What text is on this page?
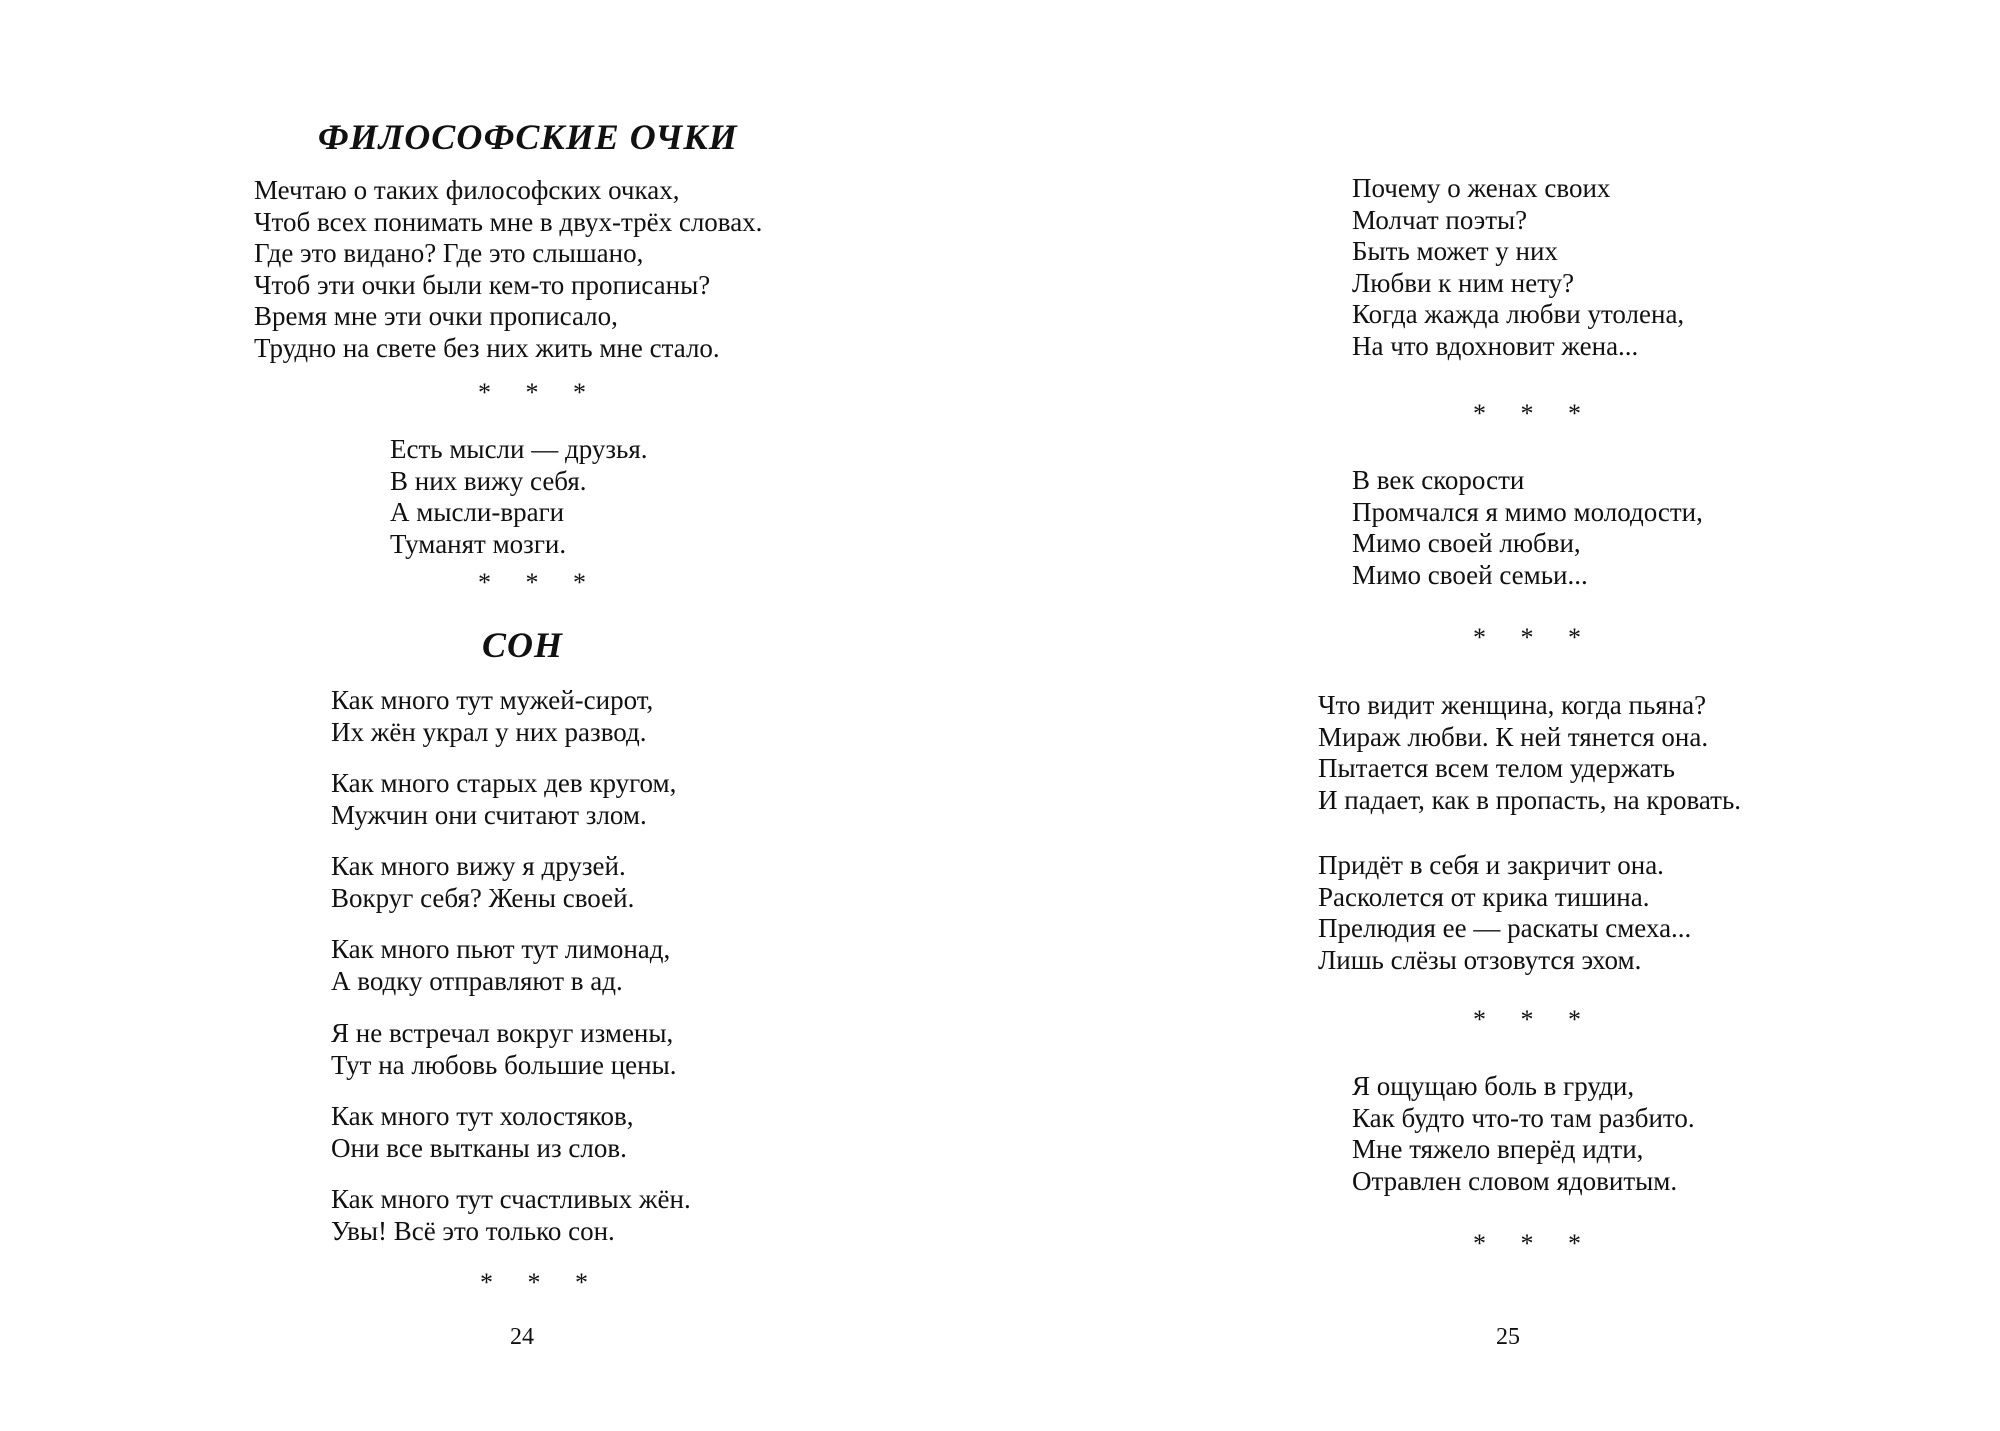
ФИЛОСОФСКИЕ ОЧКИ
Мечтаю о таких философских очках,
Чтоб всех понимать мне в двух-трёх словах.
Где это видано? Где это слышано,
Чтоб эти очки были кем-то прописаны?
Время мне эти очки прописало,
Трудно на свете без них жить мне стало.
* * *
Есть мысли — друзья.
В них вижу себя.
А мысли-враги
Туманят мозги.
* * *
СОН
Как много тут мужей-сирот,
Их жён украл у них развод.
Как много старых дев кругом,
Мужчин они считают злом.
Как много вижу я друзей.
Вокруг себя? Жены своей.
Как много пьют тут лимонад,
А водку отправляют в ад.
Я не встречал вокруг измены,
Тут на любовь большие цены.
Как много тут холостяков,
Они все вытканы из слов.
Как много тут счастливых жён.
Увы! Всё это только сон.
* * *
24
Почему о женах своих
Молчат поэты?
Быть может у них
Любви к ним нету?
Когда жажда любви утолена,
На что вдохновит жена...
* * *
В век скорости
Промчался я мимо молодости,
Мимо своей любви,
Мимо своей семьи...
* * *
Что видит женщина, когда пьяна?
Мираж любви. К ней тянется она.
Пытается всем телом удержать
И падает, как в пропасть, на кровать.
Придёт в себя и закричит она.
Расколется от крика тишина.
Прелюдия ее — раскаты смеха...
Лишь слёзы отзовутся эхом.
* * *
Я ощущаю боль в груди,
Как будто что-то там разбито.
Мне тяжело вперёд идти,
Отравлен словом ядовитым.
* * *
25
